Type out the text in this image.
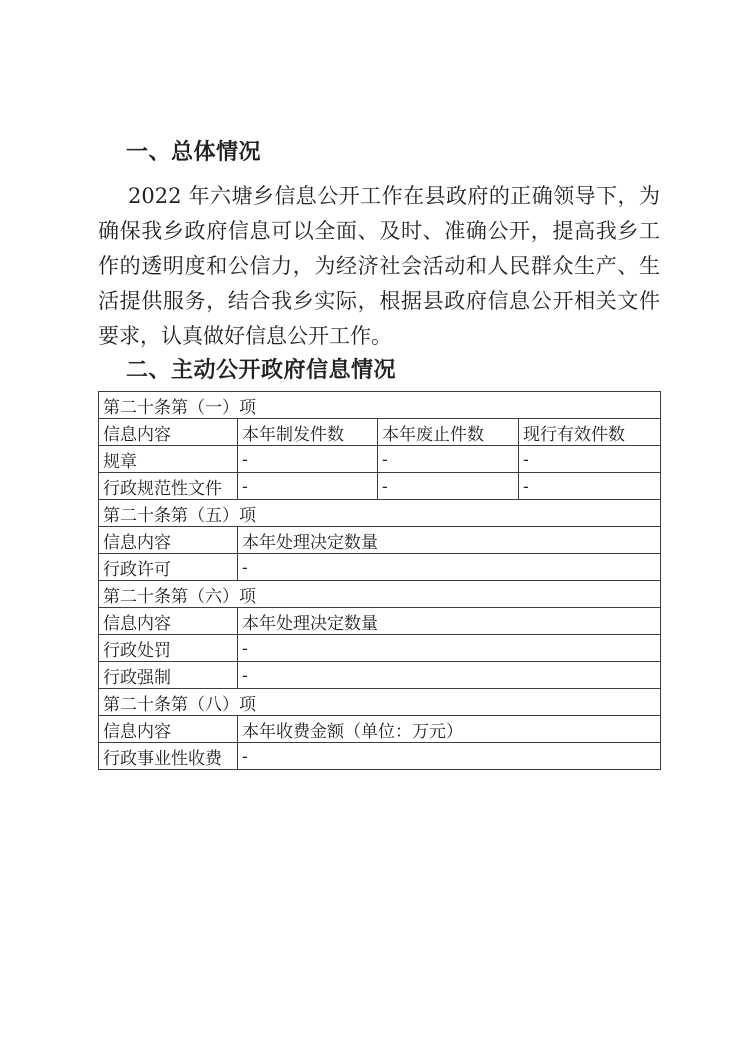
一、总体情况

2022 年六塘乡信息公开工作在县政府的正确领导下，为确保我乡政府信息可以全面、及时、准确公开，提高我乡工作的透明度和公信力，为经济社会活动和人民群众生产、生活提供服务，结合我乡实际，根据县政府信息公开相关文件要求，认真做好信息公开工作。

二、主动公开政府信息情况
第二十条第（一）项			
信息内容	本年制发件数	本年废止件数	现行有效件数
规章	-	-	-
行政规范性文件	-	-	-
第二十条第（五）项			
信息内容	本年处理决定数量		
行政许可	-		
第二十条第（六）项			
信息内容	本年处理决定数量		
行政处罚	-		
行政强制	-		
第二十条第（八）项			
信息内容	本年收费金额（单位：万元）		
行政事业性收费	-		
